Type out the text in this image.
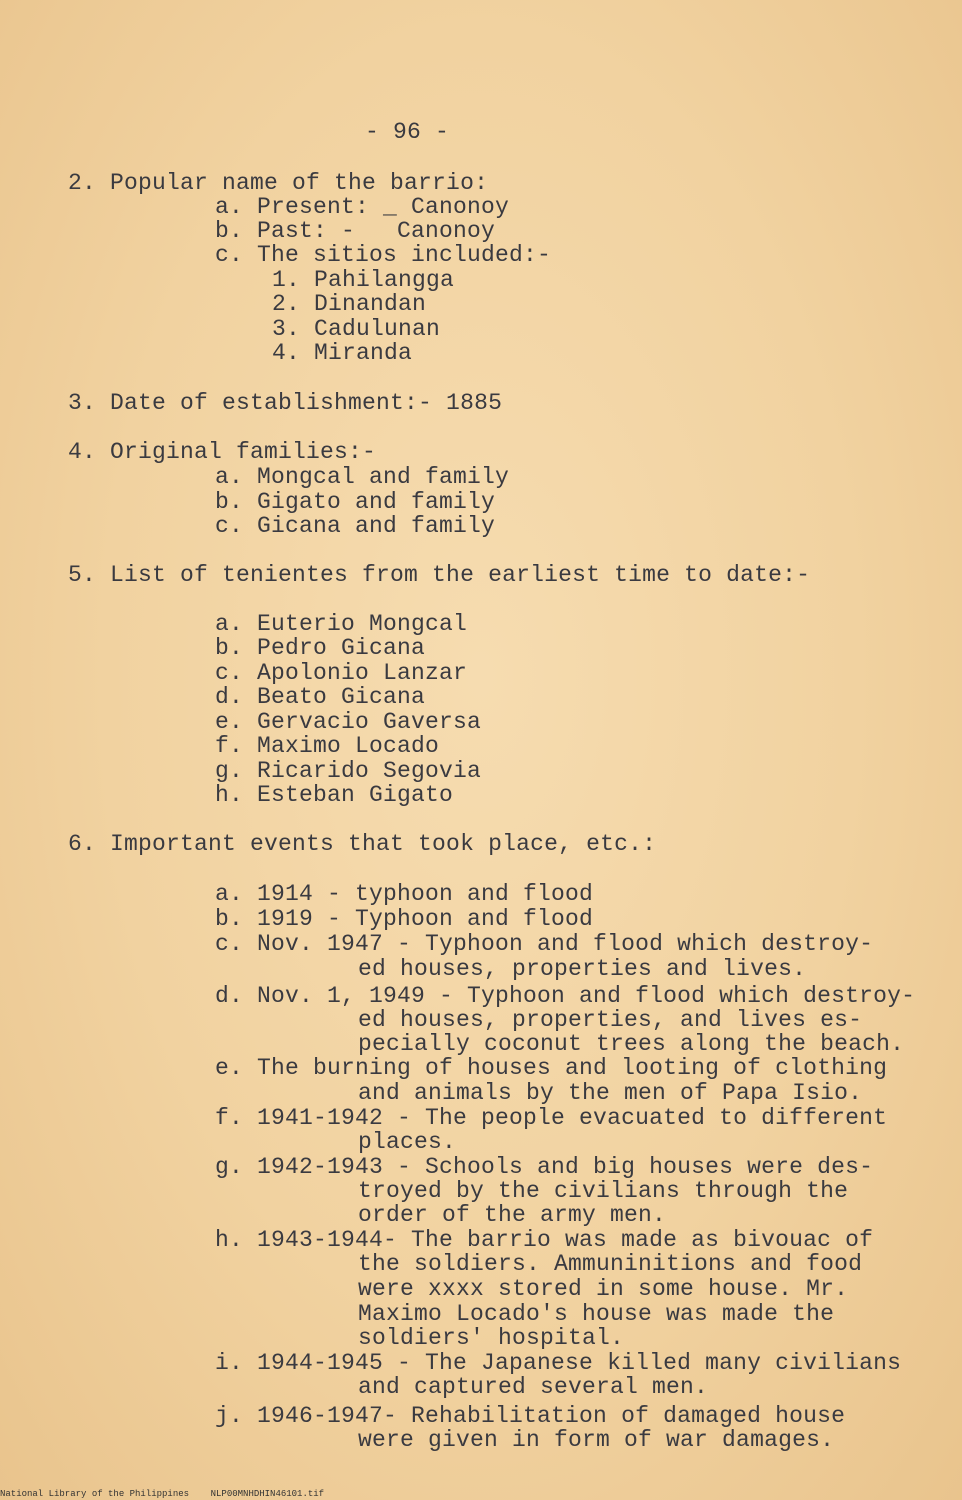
- 96 -
2. Popular name of the barrio:
a. Present: _ Canonoy
b. Past: -   Canonoy
c. The sitios included:-
1. Pahilangga
2. Dinandan
3. Cadulunan
4. Miranda
3. Date of establishment:- 1885
4. Original families:-
a. Mongcal and family
b. Gigato and family
c. Gicana and family
5. List of tenientes from the earliest time to date:-
a. Euterio Mongcal
b. Pedro Gicana
c. Apolonio Lanzar
d. Beato Gicana
e. Gervacio Gaversa
f. Maximo Locado
g. Ricarido Segovia
h. Esteban Gigato
6. Important events that took place, etc.:
a. 1914 - typhoon and flood
b. 1919 - Typhoon and flood
c. Nov. 1947 - Typhoon and flood which destroy-
ed houses, properties and lives.
d. Nov. 1, 1949 - Typhoon and flood which destroy-
ed houses, properties, and lives es-
pecially coconut trees along the beach.
e. The burning of houses and looting of clothing
and animals by the men of Papa Isio.
f. 1941-1942 - The people evacuated to different
places.
g. 1942-1943 - Schools and big houses were des-
troyed by the civilians through the
order of the army men.
h. 1943-1944- The barrio was made as bivouac of
the soldiers. Ammuninitions and food
were xxxx stored in some house. Mr.
Maximo Locado's house was made the
soldiers' hospital.
i. 1944-1945 - The Japanese killed many civilians
and captured several men.
j. 1946-1947- Rehabilitation of damaged house
were given in form of war damages.
National Library of the Philippines    NLP00MNHDHIN46101.tif
